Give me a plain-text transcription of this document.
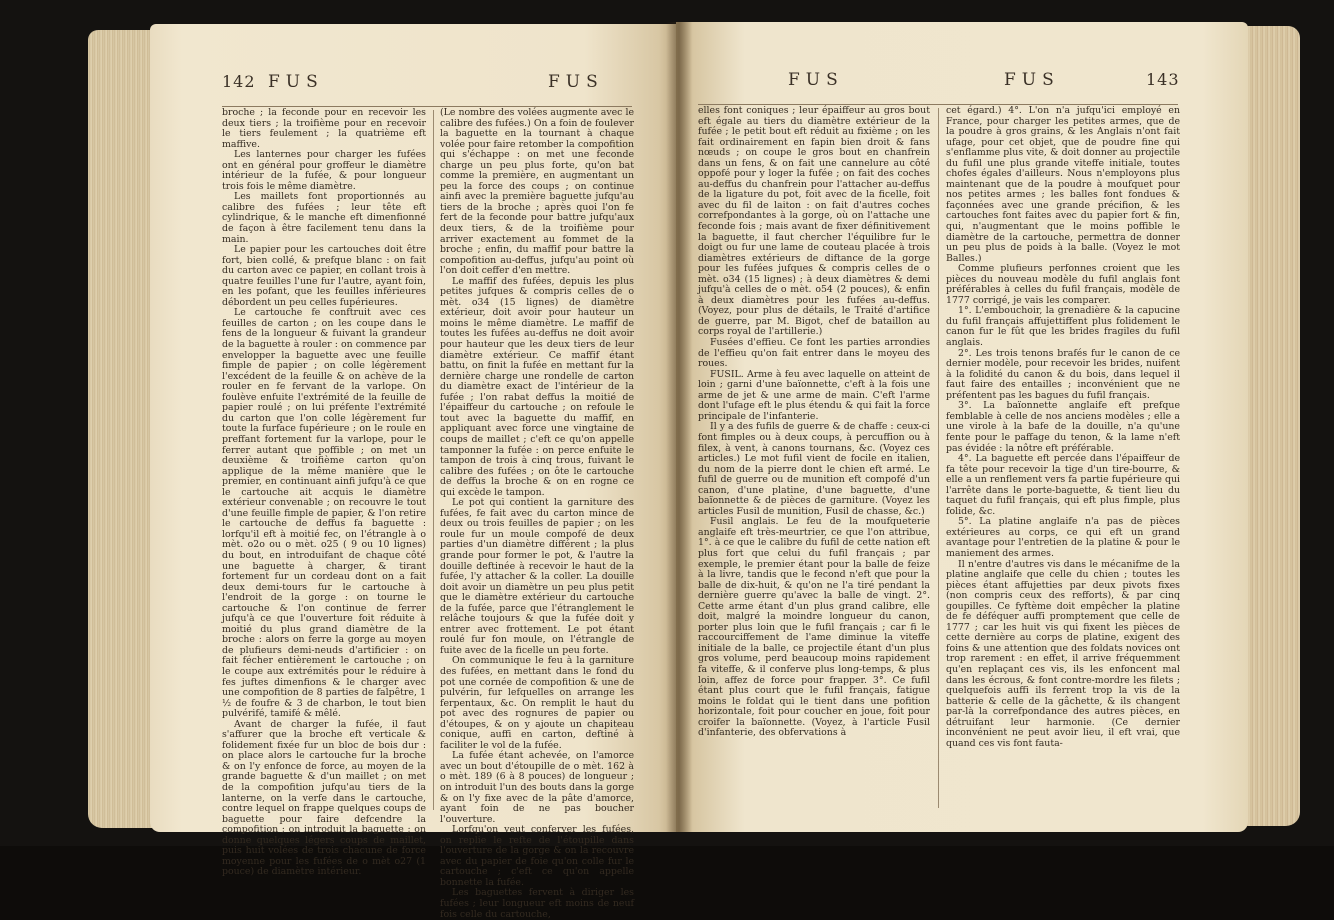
142 FUS	FUS

broche ; la feconde pour en recevoir les deux tiers ; la troifième pour en recevoir le tiers feulement ; la quatrième eft maffive.

Les lanternes pour charger les fufées ont en général pour groffeur le diamètre intérieur de la fufée, & pour longueur trois fois le même diamètre.

Les maillets font proportionnés au calibre des fufées ; leur tête eft cylindrique, & le manche eft dimenfionné de façon à être facilement tenu dans la main.

Le papier pour les cartouches doit être fort, bien collé, & prefque blanc : on fait du carton avec ce papier, en collant trois à quatre feuilles l'une fur l'autre, ayant foin, en les pofant, que les feuilles inférieures débordent un peu celles fupérieures.

Le cartouche fe conftruit avec ces feuilles de carton ; on les coupe dans le fens de la longueur & fuivant la grandeur de la baguette à rouler : on commence par envelopper la baguette avec une feuille fimple de papier ; on colle légèrement l'excédent de la feuille & on achève de la rouler en fe fervant de la varlope. On foulève enfuite l'extrémité de la feuille de papier roulé ; on lui préfente l'extrémité du carton que l'on colle légèrement fur toute la furface fupérieure ; on le roule en preffant fortement fur la varlope, pour le ferrer autant que poffible ; on met un deuxième & troifième carton qu'on applique de la même manière que le premier, en continuant ainfi jufqu'à ce que le cartouche ait acquis le diamètre extérieur convenable ; on recouvre le tout d'une feuille fimple de papier, & l'on retire le cartouche de deffus fa baguette : lorfqu'il eft à moitié fec, on l'étrangle à o mèt. o2o ou o mèt. o25 ( 9 ou 10 lignes) du bout, en introduifant de chaque côté une baguette à charger, & tirant fortement fur un cordeau dont on a fait deux demi-tours fur le cartouche à l'endroit de la gorge : on tourne le cartouche & l'on continue de ferrer jufqu'à ce que l'ouverture foit réduite à moitié du plus grand diamètre de la broche : alors on ferre la gorge au moyen de plufieurs demi-neuds d'artificier : on fait fécher entièrement le cartouche ; on le coupe aux extrémités pour le réduire à fes juftes dimenfions & le charger avec une compofition de 8 parties de falpêtre, 1 ½ de foufre & 3 de charbon, le tout bien pulvérifé, tamifé & mêlé.

Avant de charger la fufée, il faut s'affurer que la broche eft verticale & folidement fixée fur un bloc de bois dur : on place alors le cartouche fur la broche & on l'y enfonce de force, au moyen de la grande baguette & d'un maillet ; on met de la compofition jufqu'au tiers de la lanterne, on la verfe dans le cartouche, contre lequel on frappe quelques coups de baguette pour faire defcendre la compofition ; on introduit la baguette ; on donne quelques légers coups de maillet, puis huit volées de trois chacune de force moyenne pour les fufées de o mèt o27 (1 pouce) de diamètre intérieur.

(Le nombre des volées augmente avec le calibre des fufées.) On a foin de foulever la baguette en la tournant à chaque volée pour faire retomber la compofition qui s'échappe : on met une feconde charge un peu plus forte, qu'on bat comme la première, en augmentant un peu la force des coups ; on continue ainfi avec la première baguette jufqu'au tiers de la broche ; après quoi l'on fe fert de la feconde pour battre jufqu'aux deux tiers, & de la troifième pour arriver exactement au fommet de la broche ; enfin, du maffif pour battre la compofition au-deffus, jufqu'au point où l'on doit ceffer d'en mettre.

Le maffif des fufées, depuis les plus petites jufques & compris celles de o mèt. o34 (15 lignes) de diamètre extérieur, doit avoir pour hauteur un moins le même diamètre. Le maffif de toutes les fufées au-deffus ne doit avoir pour hauteur que les deux tiers de leur diamètre extérieur. Ce maffif étant battu, on finit la fufée en mettant fur la dernière charge une rondelle de carton du diamètre exact de l'intérieur de la fufée ; l'on rabat deffus la moitié de l'épaiffeur du cartouche ; on refoule le tout avec la baguette du maffif, en appliquant avec force une vingtaine de coups de maillet ; c'eft ce qu'on appelle tamponner la fufée : on perce enfuite le tampon de trois à cinq trous, fuivant le calibre des fufées ; on ôte le cartouche de deffus la broche & on en rogne ce qui excède le tampon.

Le pot qui contient la garniture des fufées, fe fait avec du carton mince de deux ou trois feuilles de papier ; on les roule fur un moule compofé de deux parties d'un diamètre différent ; la plus grande pour former le pot, & l'autre la douille deftinée à recevoir le haut de la fufée, l'y attacher & la coller. La douille doit avoir un diamètre un peu plus petit que le diamètre extérieur du cartouche de la fufée, parce que l'étranglement le relâche toujours & que la fufée doit y entrer avec frottement. Le pot étant roulé fur fon moule, on l'étrangle de fuite avec de la ficelle un peu forte.

On communique le feu à la garniture des fufées, en mettant dans le fond du pot une cornée de compofition & une de pulvérin, fur lefquelles on arrange les ferpentaux, &c. On remplit le haut du pot avec des rognures de papier ou d'étoupes, & on y ajoute un chapiteau conique, auffi en carton, deftiné à faciliter le vol de la fufée.

La fufée étant achevée, on l'amorce avec un bout d'étoupille de o mèt. 162 à o mèt. 189 (6 à 8 pouces) de longueur ; on introduit l'un des bouts dans la gorge & on l'y fixe avec de la pâte d'amorce, ayant foin de ne pas boucher l'ouverture.

Lorfqu'on veut conferver les fufées, on replie le refte de l'étoupille dans l'ouverture de la gorge & on la recouvre avec du papier de foie qu'on colle fur le cartouche ; c'eft ce qu'on appelle bonnette la fufée.

Les baguettes fervent à diriger les fufées ; leur longueur eft moins de neuf fois celle du cartouche,

FUS	FUS	143

elles font coniques ; leur épaiffeur au gros bout eft égale au tiers du diamètre extérieur de la fufée ; le petit bout eft réduit au fixième ; on les fait ordinairement en fapin bien droit & fans nœuds ; on coupe le gros bout en chanfrein dans un fens, & on fait une cannelure au côté oppofé pour y loger la fufée ; on fait des coches au-deffus du chanfrein pour l'attacher au-deffus de la ligature du pot, foit avec de la ficelle, foit avec du fil de laiton : on fait d'autres coches correfpondantes à la gorge, où on l'attache une feconde fois ; mais avant de fixer définitivement la baguette, il faut chercher l'équilibre fur le doigt ou fur une lame de couteau placée à trois diamètres extérieurs de diftance de la gorge pour les fufées jufques & compris celles de o mèt. o34 (15 lignes) ; à deux diamètres & demi jufqu'à celles de o mèt. o54 (2 pouces), & enfin à deux diamètres pour les fufées au-deffus. (Voyez, pour plus de détails, le Traité d'artifice de guerre, par M. Bigot, chef de bataillon au corps royal de l'artillerie.)

Fusées d'effieu. Ce font les parties arrondies de l'effieu qu'on fait entrer dans le moyeu des roues.

FUSIL. Arme à feu avec laquelle on atteint de loin ; garni d'une baïonnette, c'eft à la fois une arme de jet & une arme de main. C'eft l'arme dont l'ufage eft le plus étendu & qui fait la force principale de l'infanterie.

Il y a des fufils de guerre & de chaffe : ceux-ci font fimples ou à deux coups, à percuffion ou à filex, à vent, à canons tournans, &c. (Voyez ces articles.) Le mot fufil vient de focile en italien, du nom de la pierre dont le chien eft armé. Le fufil de guerre ou de munition eft compofé d'un canon, d'une platine, d'une baguette, d'une baïonnette & de pièces de garniture. (Voyez les articles Fusil de munition, Fusil de chasse, &c.)

Fusil anglais. Le feu de la moufqueterie anglaife eft très-meurtrier, ce que l'on attribue, 1°. à ce que le calibre du fufil de cette nation eft plus fort que celui du fufil français ; par exemple, le premier étant pour la balle de feize à la livre, tandis que le fecond n'eft que pour la balle de dix-huit, & qu'on ne l'a tiré pendant la dernière guerre qu'avec la balle de vingt. 2°. Cette arme étant d'un plus grand calibre, elle doit, malgré la moindre longueur du canon, porter plus loin que le fufil français ; car fi le raccourciffement de l'ame diminue la viteffe initiale de la balle, ce projectile étant d'un plus gros volume, perd beaucoup moins rapidement fa viteffe, & il conferve plus long-temps, & plus loin, affez de force pour frapper. 3°. Ce fufil étant plus court que le fufil français, fatigue moins le foldat qui le tient dans une pofition horizontale, foit pour coucher en joue, foit pour croifer la baïonnette. (Voyez, à l'article Fusil d'infanterie, des obfervations à

cet égard.) 4°. L'on n'a jufqu'ici employé en France, pour charger les petites armes, que de la poudre à gros grains, & les Anglais n'ont fait ufage, pour cet objet, que de poudre fine qui s'enflamme plus vite, & doit donner au projectile du fufil une plus grande viteffe initiale, toutes chofes égales d'ailleurs. Nous n'employons plus maintenant que de la poudre à moufquet pour nos petites armes ; les balles font fondues & façonnées avec une grande précifion, & les cartouches font faites avec du papier fort & fin, qui, n'augmentant que le moins poffible le diamètre de la cartouche, permettra de donner un peu plus de poids à la balle. (Voyez le mot Balles.)

Comme plufieurs perfonnes croient que les pièces du nouveau modèle du fufil anglais font préférables à celles du fufil français, modèle de 1777 corrigé, je vais les comparer.

1°. L'embouchoir, la grenadière & la capucine du fufil français affujettiffent plus folidement le canon fur le fût que les brides fragiles du fufil anglais.

2°. Les trois tenons brafés fur le canon de ce dernier modèle, pour recevoir les brides, nuifent à la folidité du canon & du bois, dans lequel il faut faire des entailles ; inconvénient que ne préfentent pas les bagues du fufil français.

3°. La baïonnette anglaife eft prefque femblable à celle de nos anciens modèles ; elle a une virole à la bafe de la douille, n'a qu'une fente pour le paffage du tenon, & la lame n'eft pas évidée : la nôtre eft préférable.

4°. La baguette eft percée dans l'épaiffeur de fa tête pour recevoir la tige d'un tire-bourre, & elle a un renflement vers fa partie fupérieure qui l'arrête dans le porte-baguette, & tient lieu du taquet du fufil français, qui eft plus fimple, plus folide, &c.

5°. La platine anglaife n'a pas de pièces extérieures au corps, ce qui eft un grand avantage pour l'entretien de la platine & pour le maniement des armes.

Il n'entre d'autres vis dans le mécanifme de la platine anglaife que celle du chien ; toutes les pièces étant affujetties par deux pivots fixes (non compris ceux des refforts), & par cinq goupilles. Ce fyftème doit empêcher la platine de fe déféquer auffi promptement que celle de 1777 ; car les huit vis qui fixent les pièces de cette dernière au corps de platine, exigent des foins & une attention que des foldats novices ont trop rarement : en effet, il arrive fréquemment qu'en replaçant ces vis, ils les enfoncent mal dans les écrous, & font contre-mordre les filets ; quelquefois auffi ils ferrent trop la vis de la batterie & celle de la gâchette, & ils changent par-là la correfpondance des autres pièces, en détruifant leur harmonie. (Ce dernier inconvénient ne peut avoir lieu, il eft vrai, que quand ces vis font fauta-
